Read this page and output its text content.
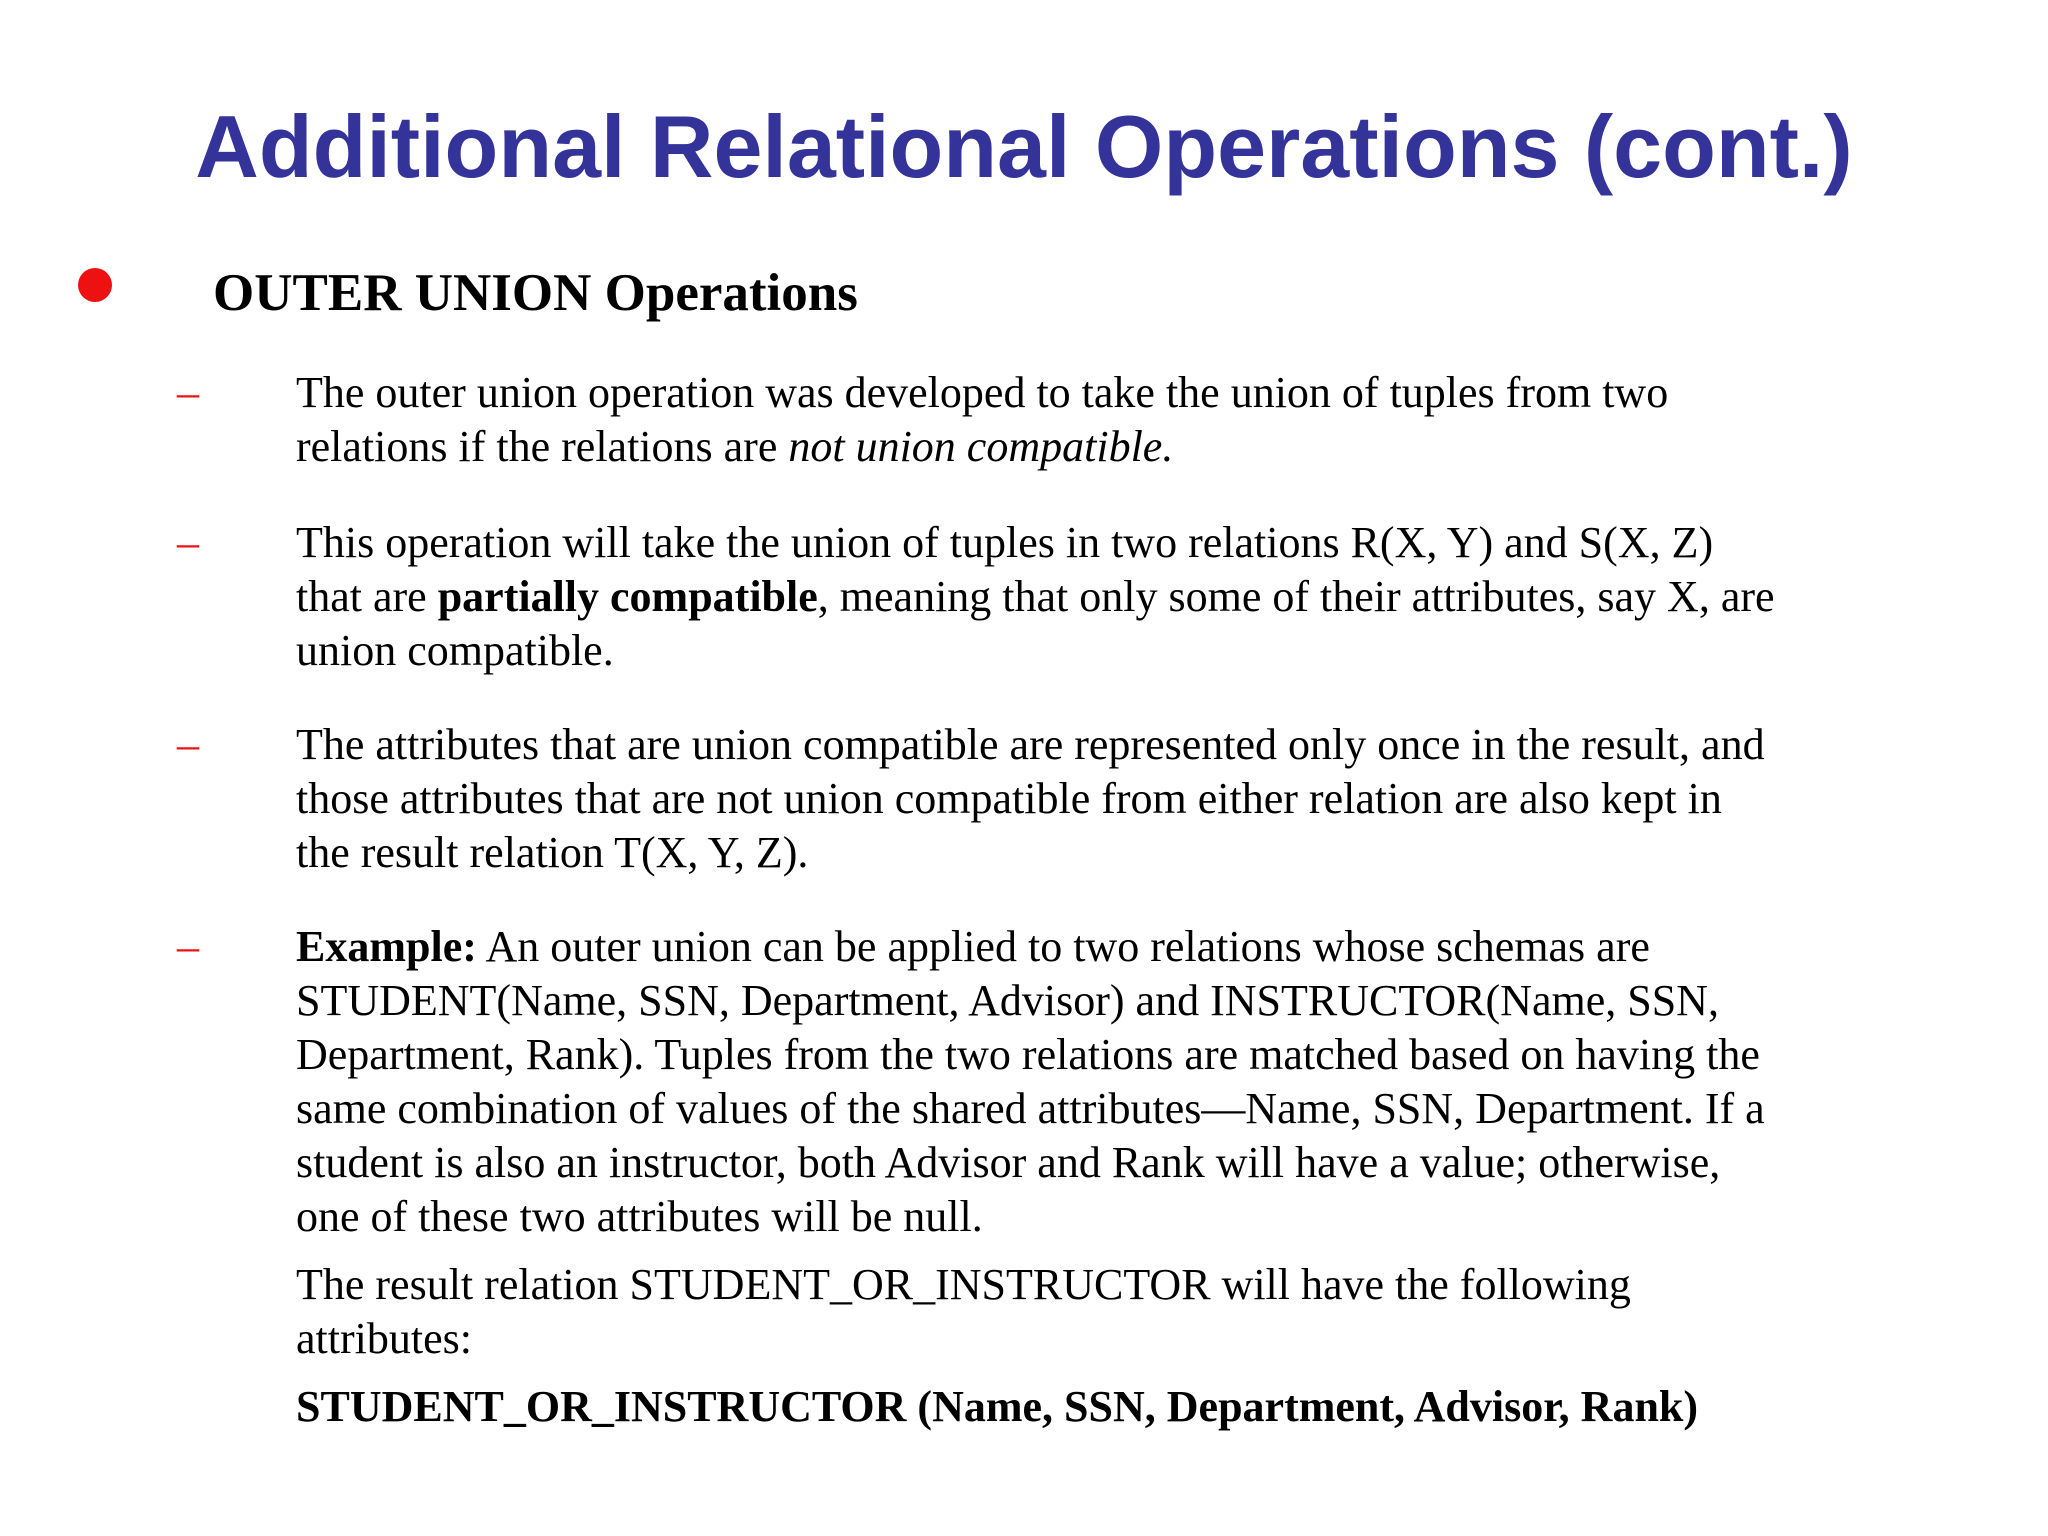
Additional Relational Operations (cont.)
OUTER UNION Operations
– The outer union operation was developed to take the union of tuples from two
relations if the relations are not union compatible.
– This operation will take the union of tuples in two relations R(X, Y) and S(X, Z)
that are partially compatible, meaning that only some of their attributes, say X, are
union compatible.
– The attributes that are union compatible are represented only once in the result, and
those attributes that are not union compatible from either relation are also kept in
the result relation T(X, Y, Z).
– Example: An outer union can be applied to two relations whose schemas are
STUDENT(Name, SSN, Department, Advisor) and INSTRUCTOR(Name, SSN,
Department, Rank). Tuples from the two relations are matched based on having the
same combination of values of the shared attributes—Name, SSN, Department. If a
student is also an instructor, both Advisor and Rank will have a value; otherwise,
one of these two attributes will be null.
The result relation STUDENT_OR_INSTRUCTOR will have the following
attributes:
STUDENT_OR_INSTRUCTOR (Name, SSN, Department, Advisor, Rank)
